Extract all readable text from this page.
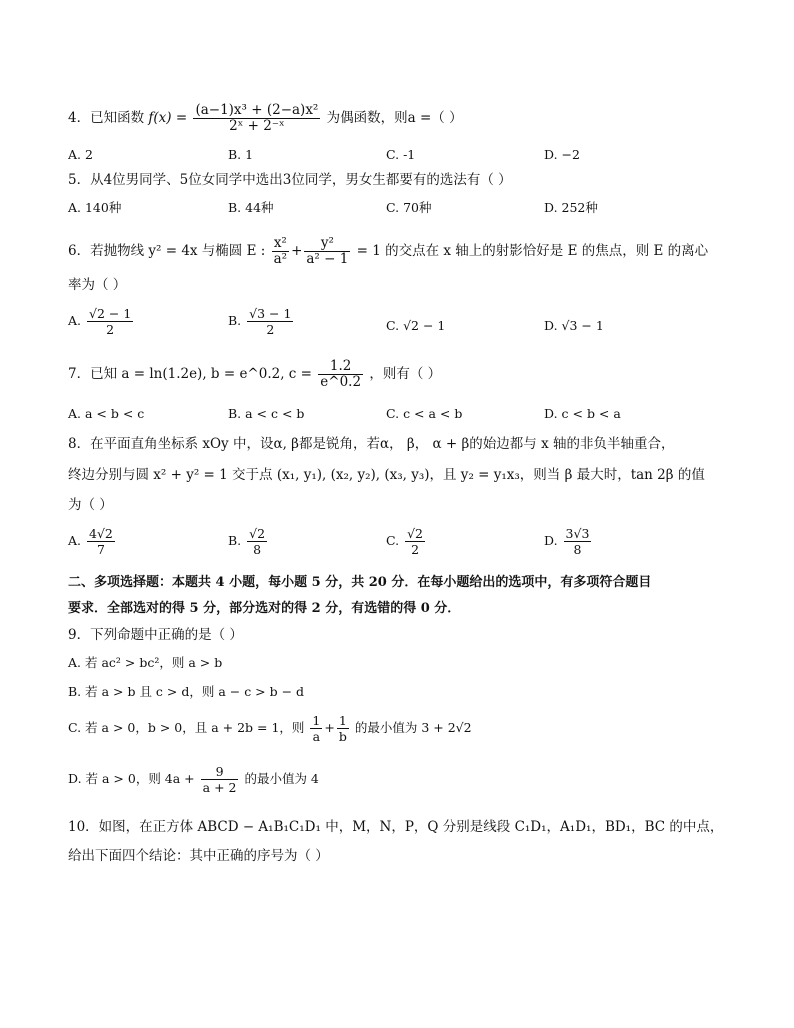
4．已知函数 $f(x) = \frac{\text{(a−1)x³ + (2−a)x²}}{\text{2ˣ + 2⁻ˣ}}$ 为偶函数，则a =（ ）
A. 2	B. 1	C. -1	D. −2
5．从4位男同学、5位女同学中选出3位同学，男女生都要有的选法有（ ）
A. 140种	B. 44种	C. 70种	D. 252种
6．若抛物线 y² = 4x 与椭圆 E : $\frac{\text{x²}}{\text{a²}} + \frac{\text{y²}}{\text{a² − 1}} = 1$ 的交点在 x 轴上的射影恰好是 E 的焦点，则 E 的离心
率为（ ）
A. $\frac{√2 - 1}{2}$	B. $\frac{√3 - 1}{2}$	C. √2 − 1	D. √3 − 1
7．已知 a = ln(1.2e), b = e^0.2, $c = \frac{1.2}{e\^{}0.2}$ ，则有（ ）
A. a < b < c	B. a < c < b	C. c < a < b	D. c < b < a
8．在平面直角坐标系 xOy 中，设α, β都是锐角，若α， β， α + β的始边都与 x 轴的非负半轴重合，
终边分别与圆 x² + y² = 1 交于点 (x₁, y₁), (x₂, y₂), (x₃, y₃)，且 y₂ = y₁x₃，则当 β 最大时，tan 2β 的值
为（ ）
A. $\frac{4√2}{7}$	B. $\frac{√2}{8}$	C. $\frac{√2}{2}$	D. $\frac{3√3}{8}$
二、多项选择题：本题共 4 小题，每小题 5 分，共 20 分．在每小题给出的选项中，有多项符合题目
要求．全部选对的得 5 分，部分选对的得 2 分，有选错的得 0 分．
9．下列命题中正确的是（ ）
A. 若 ac² > bc²，则 a > b
B. 若 a > b 且 c > d，则 a − c > b − d
C. 若 a > 0，b > 0，且 a + 2b = 1，则 $\frac{1}{a} + \frac{1}{b}$ 的最小值为 3 + 2√2
D. 若 a > 0，则 $4a + \frac{9}{a + 2}$ 的最小值为 4
10．如图，在正方体 ABCD − A₁B₁C₁D₁ 中，M，N，P，Q 分别是线段 C₁D₁，A₁D₁，BD₁，BC 的中点，
给出下面四个结论：其中正确的序号为（ ）
